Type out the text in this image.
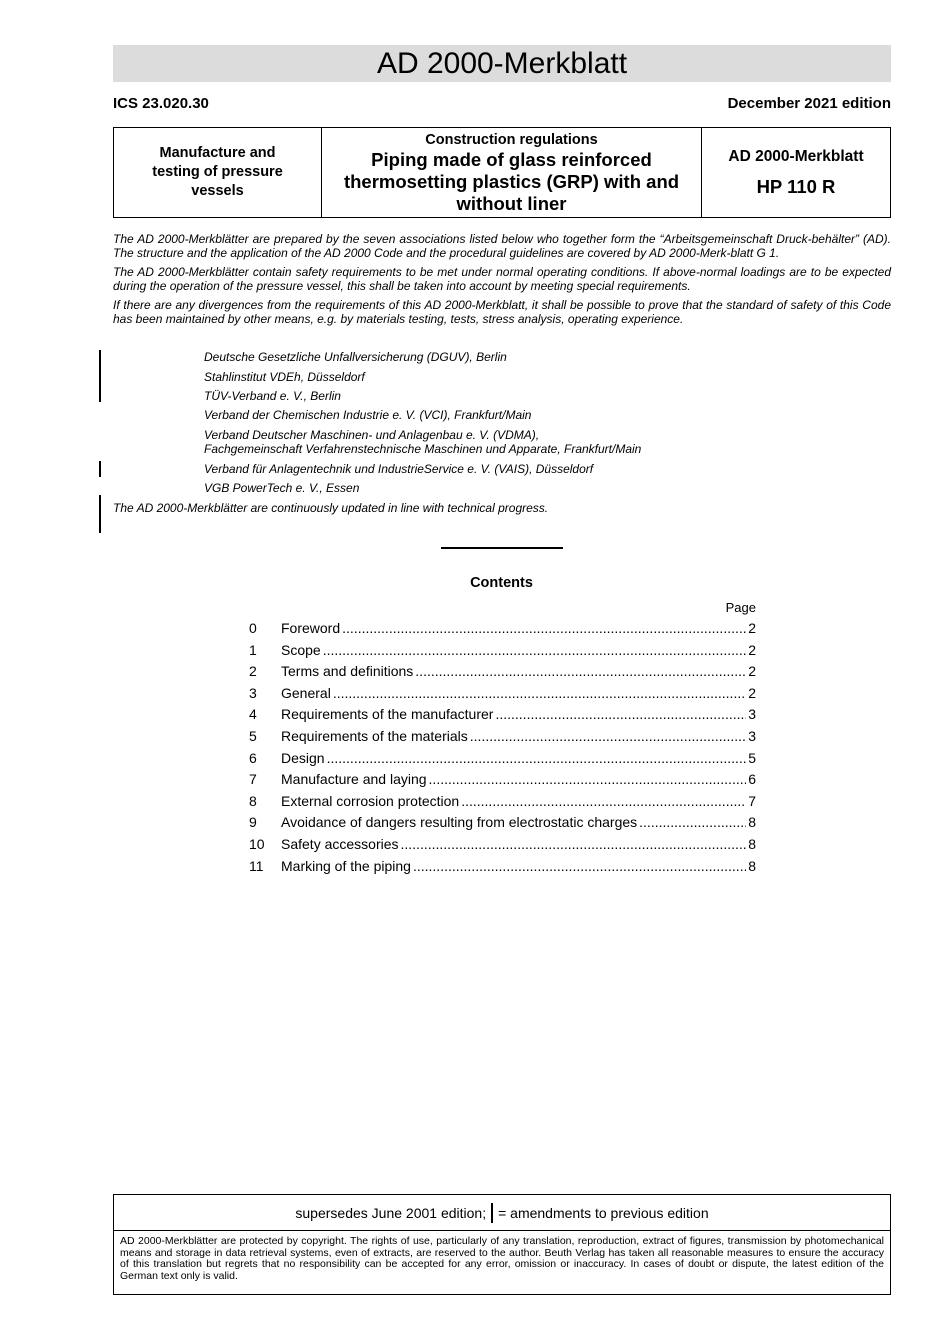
AD 2000-Merkblatt
ICS 23.020.30	December 2021 edition
Manufacture and testing of pressure vessels
Construction regulations
Piping made of glass reinforced thermosetting plastics (GRP) with and without liner
AD 2000-Merkblatt
HP 110 R

The AD 2000-Merkblätter are prepared by the seven associations listed below who together form the “Arbeitsgemeinschaft Druck-behälter” (AD). The structure and the application of the AD 2000 Code and the procedural guidelines are covered by AD 2000-Merk-blatt G 1.

The AD 2000-Merkblätter contain safety requirements to be met under normal operating conditions. If above-normal loadings are to be expected during the operation of the pressure vessel, this shall be taken into account by meeting special requirements.

If there are any divergences from the requirements of this AD 2000-Merkblatt, it shall be possible to prove that the standard of safety of this Code has been maintained by other means, e.g. by materials testing, tests, stress analysis, operating experience.

Deutsche Gesetzliche Unfallversicherung (DGUV), Berlin
Stahlinstitut VDEh, Düsseldorf
TÜV-Verband e. V., Berlin
Verband der Chemischen Industrie e. V. (VCI), Frankfurt/Main
Verband Deutscher Maschinen- und Anlagenbau e. V. (VDMA),
Fachgemeinschaft Verfahrenstechnische Maschinen und Apparate, Frankfurt/Main
Verband für Anlagentechnik und IndustrieService e. V. (VAIS), Düsseldorf
VGB PowerTech e. V., Essen
The AD 2000-Merkblätter are continuously updated in line with technical progress.
Contents
Page
0	Foreword .....	2
1	Scope .....	2
2	Terms and definitions .....	2
3	General .....	2
4	Requirements of the manufacturer .....	3
5	Requirements of the materials .....	3
6	Design .....	5
7	Manufacture and laying .....	6
8	External corrosion protection .....	7
9	Avoidance of dangers resulting from electrostatic charges .....	8
10	Safety accessories .....	8
11	Marking of the piping .....	8
supersedes June 2001 edition; = amendments to previous edition
AD 2000-Merkblätter are protected by copyright. The rights of use, particularly of any translation, reproduction, extract of figures, transmission by photomechanical means and storage in data retrieval systems, even of extracts, are reserved to the author. Beuth Verlag has taken all reasonable measures to ensure the accuracy of this translation but regrets that no responsibility can be accepted for any error, omission or inaccuracy. In cases of doubt or dispute, the latest edition of the German text only is valid.
